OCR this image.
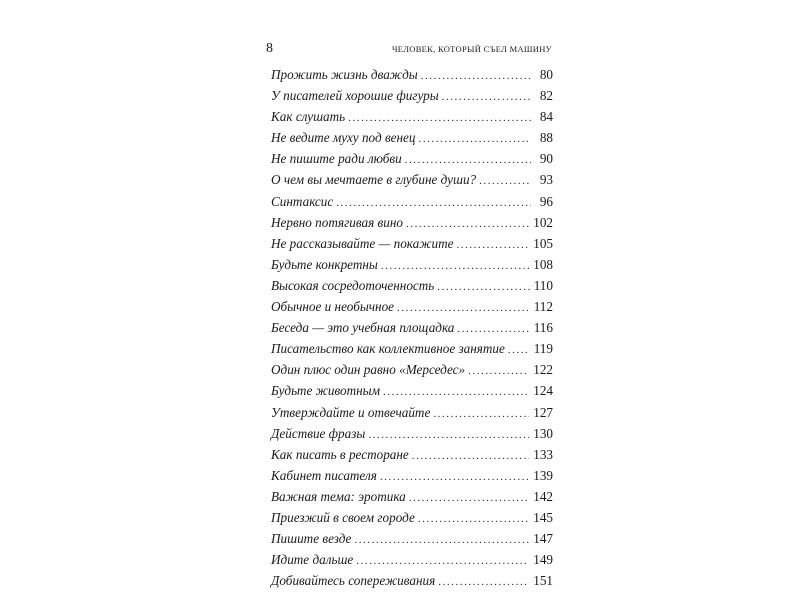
8	ЧЕЛОВЕК, КОТОРЫЙ СЪЕЛ МАШИНУ
Прожить жизнь дважды . . .	80
У писателей хорошие фигуры . . .	82
Как слушать . . .	84
Не ведите муху под венец . . .	88
Не пишите ради любви . . .	90
О чем вы мечтаете в глубине души? . . .	93
Синтаксис . . .	96
Нервно потягивая вино . . .	102
Не рассказывайте — покажите . . .	105
Будьте конкретны . . .	108
Высокая сосредоточенность . . .	110
Обычное и необычное . . .	112
Беседа — это учебная площадка . . .	116
Писательство как коллективное занятие . . . 119
Один плюс один равно «Мерседес» . . .	122
Будьте животным . . .	124
Утверждайте и отвечайте . . .	127
Действие фразы . . .	130
Как писать в ресторане . . .	133
Кабинет писателя . . .	139
Важная тема: эротика . . .	142
Приезжий в своем городе . . .	145
Пишите везде . . .	147
Идите дальше . . .	149
Добивайтесь сопереживания . . .	151
